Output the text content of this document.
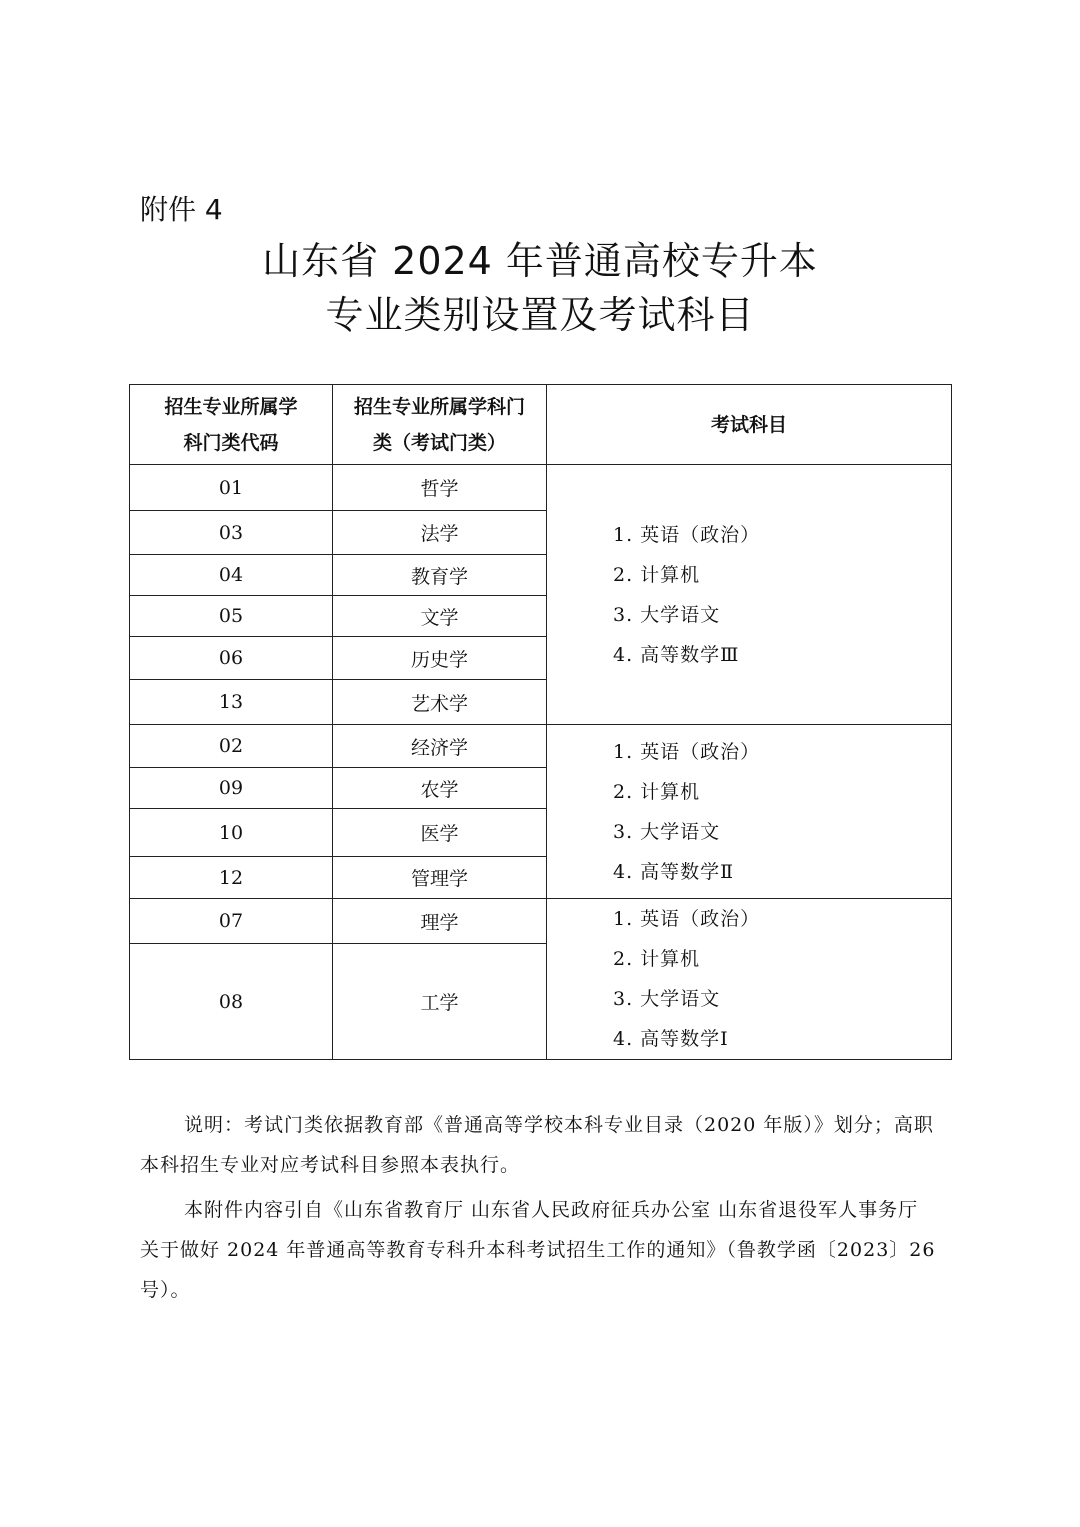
附件 4
山东省 2024 年普通高校专升本
专业类别设置及考试科目
招生专业所属学科门类代码	招生专业所属学科门类（考试门类）	考试科目
01	哲学	1. 英语（政治）
2. 计算机
3. 大学语文
4. 高等数学Ⅲ

03	法学	
04	教育学	
05	文学	
06	历史学	
13	艺术学	
02	经济学	1. 英语（政治）
2. 计算机
3. 大学语文
4. 高等数学Ⅱ

09	农学	
10	医学	
12	管理学	
07	理学	1. 英语（政治）
2. 计算机
3. 大学语文
4. 高等数学Ⅰ

08	工学	
说明：考试门类依据教育部《普通高等学校本科专业目录（2020 年版）》划分；高职本科招生专业对应考试科目参照本表执行。
本附件内容引自《山东省教育厅 山东省人民政府征兵办公室 山东省退役军人事务厅 关于做好 2024 年普通高等教育专科升本科考试招生工作的通知》（鲁教学函〔2023〕26 号）。
